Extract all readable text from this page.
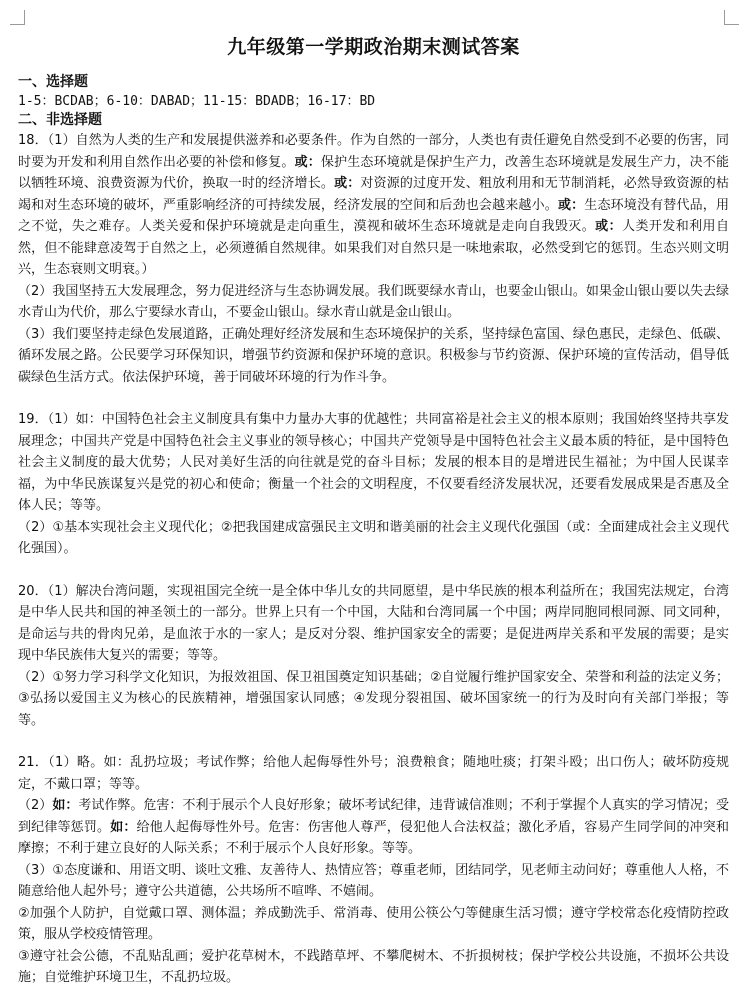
九年级第一学期政治期末测试答案
一、选择题
1-5：BCDAB；6-10：DABAD；11-15：BDADB；16-17：BD
二、非选择题

18．（1）自然为人类的生产和发展提供滋养和必要条件。作为自然的一部分，人类也有责任避免自然受到不必要的伤害，同时要为开发和利用自然作出必要的补偿和修复。或：保护生态环境就是保护生产力，改善生态环境就是发展生产力，决不能以牺牲环境、浪费资源为代价，换取一时的经济增长。或：对资源的过度开发、粗放利用和无节制消耗，必然导致资源的枯竭和对生态环境的破坏，严重影响经济的可持续发展，经济发展的空间和后劲也会越来越小。或：生态环境没有替代品，用之不觉，失之难存。人类关爱和保护环境就是走向重生，漠视和破坏生态环境就是走向自我毁灭。或：人类开发和利用自然，但不能肆意凌驾于自然之上，必须遵循自然规律。如果我们对自然只是一味地索取，必然受到它的惩罚。生态兴则文明兴，生态衰则文明衰。）

（2）我国坚持五大发展理念，努力促进经济与生态协调发展。我们既要绿水青山，也要金山银山。如果金山银山要以失去绿水青山为代价，那么宁要绿水青山，不要金山银山。绿水青山就是金山银山。

（3）我们要坚持走绿色发展道路，正确处理好经济发展和生态环境保护的关系，坚持绿色富国、绿色惠民，走绿色、低碳、循环发展之路。公民要学习环保知识，增强节约资源和保护环境的意识。积极参与节约资源、保护环境的宣传活动，倡导低碳绿色生活方式。依法保护环境，善于同破坏环境的行为作斗争。

19．（1）如：中国特色社会主义制度具有集中力量办大事的优越性；共同富裕是社会主义的根本原则；我国始终坚持共享发展理念；中国共产党是中国特色社会主义事业的领导核心；中国共产党领导是中国特色社会主义最本质的特征，是中国特色社会主义制度的最大优势；人民对美好生活的向往就是党的奋斗目标；发展的根本目的是增进民生福祉；为中国人民谋幸福，为中华民族谋复兴是党的初心和使命；衡量一个社会的文明程度，不仅要看经济发展状况，还要看发展成果是否惠及全体人民；等等。

（2）①基本实现社会主义现代化；②把我国建成富强民主文明和谐美丽的社会主义现代化强国（或：全面建成社会主义现代化强国）。

20．（1）解决台湾问题，实现祖国完全统一是全体中华儿女的共同愿望，是中华民族的根本利益所在；我国宪法规定，台湾是中华人民共和国的神圣领土的一部分。世界上只有一个中国，大陆和台湾同属一个中国；两岸同胞同根同源、同文同种，是命运与共的骨肉兄弟，是血浓于水的一家人；是反对分裂、维护国家安全的需要；是促进两岸关系和平发展的需要；是实现中华民族伟大复兴的需要；等等。

（2）①努力学习科学文化知识，为报效祖国、保卫祖国奠定知识基础；②自觉履行维护国家安全、荣誉和利益的法定义务；③弘扬以爱国主义为核心的民族精神，增强国家认同感；④发现分裂祖国、破坏国家统一的行为及时向有关部门举报；等等。

21．（1）略。如：乱扔垃圾；考试作弊；给他人起侮辱性外号；浪费粮食；随地吐痰；打架斗殴；出口伤人；破坏防疫规定，不戴口罩；等等。

（2）如：考试作弊。危害：不利于展示个人良好形象；破坏考试纪律，违背诚信准则；不利于掌握个人真实的学习情况；受到纪律等惩罚。如：给他人起侮辱性外号。危害：伤害他人尊严，侵犯他人合法权益；激化矛盾，容易产生同学间的冲突和摩擦；不利于建立良好的人际关系；不利于展示个人良好形象。等等。

（3）①态度谦和、用语文明、谈吐文雅、友善待人、热情应答；尊重老师，团结同学，见老师主动问好；尊重他人人格，不随意给他人起外号；遵守公共道德，公共场所不喧哗、不嬉闹。

②加强个人防护，自觉戴口罩、测体温；养成勤洗手、常消毒、使用公筷公勺等健康生活习惯；遵守学校常态化疫情防控政策，服从学校疫情管理。

③遵守社会公德，不乱贴乱画；爱护花草树木，不践踏草坪、不攀爬树木、不折损树枝；保护学校公共设施，不损坏公共设施；自觉维护环境卫生，不乱扔垃圾。
